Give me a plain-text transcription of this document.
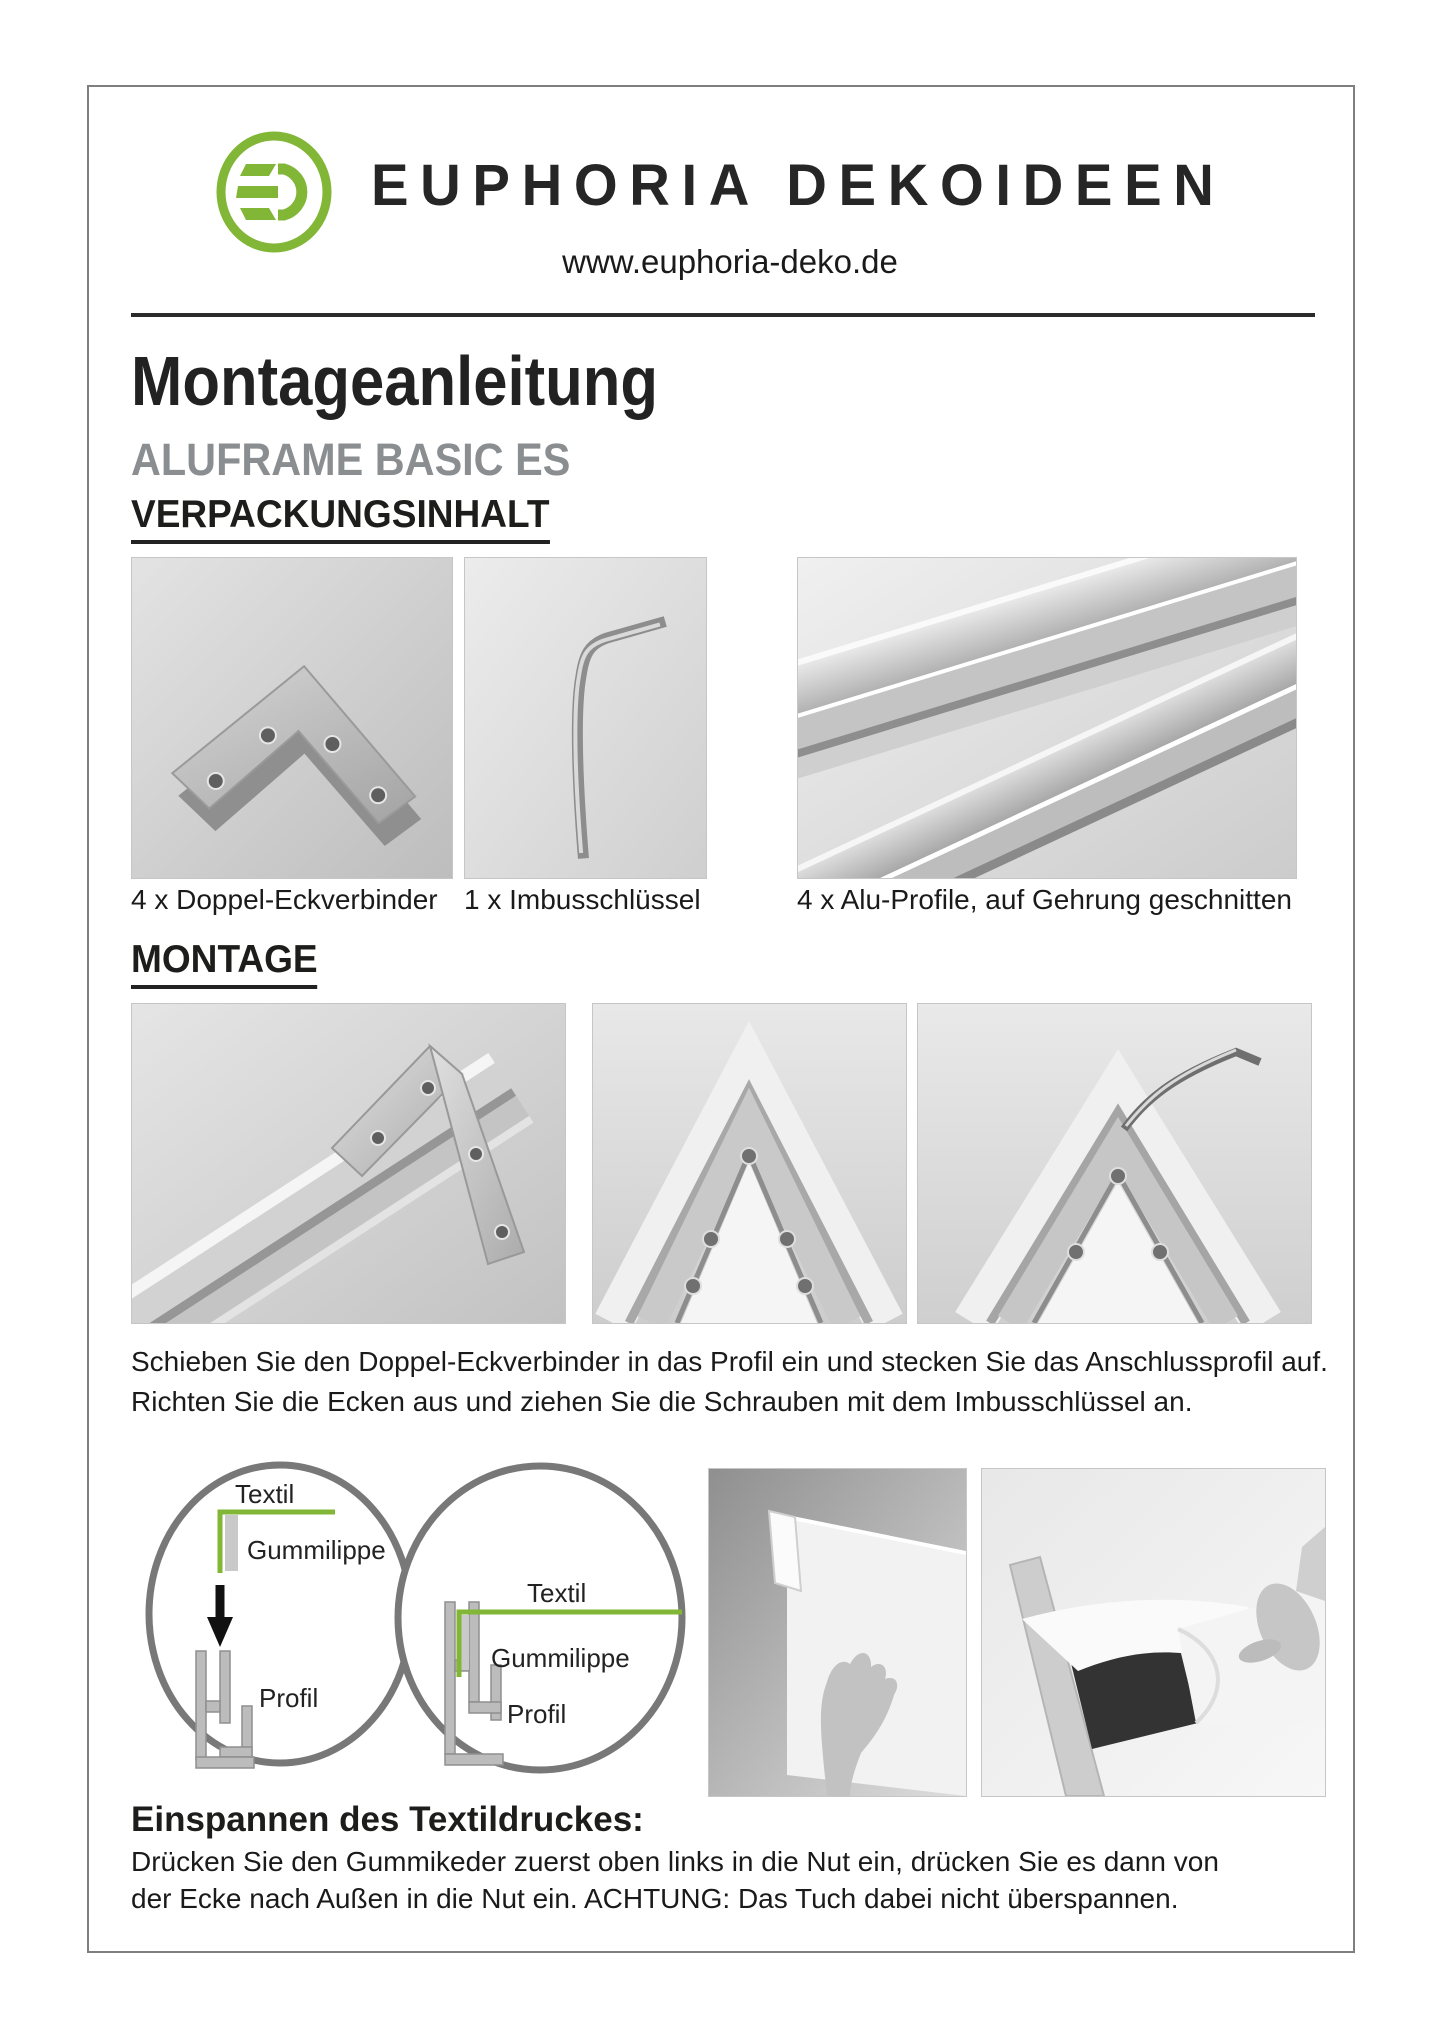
EUPHORIA DEKOIDEEN
www.euphoria-deko.de
Montageanleitung
ALUFRAME BASIC ES
VERPACKUNGSINHALT
4 x Doppel-Eckverbinder 1 x Imbusschlüssel	4 x Alu-Profile, auf Gehrung geschnitten
MONTAGE
Schieben Sie den Doppel-Eckverbinder in das Profil ein und stecken Sie das Anschlussprofil auf. Richten Sie die Ecken aus und ziehen Sie die Schrauben mit dem Imbusschlüssel an.
Textil
Gummilippe
Profil
Textil
Gummilippe
Profil
Einspannen des Textildruckes:
Drücken Sie den Gummikeder zuerst oben links in die Nut ein, drücken Sie es dann von der Ecke nach Außen in die Nut ein. ACHTUNG: Das Tuch dabei nicht überspannen.
